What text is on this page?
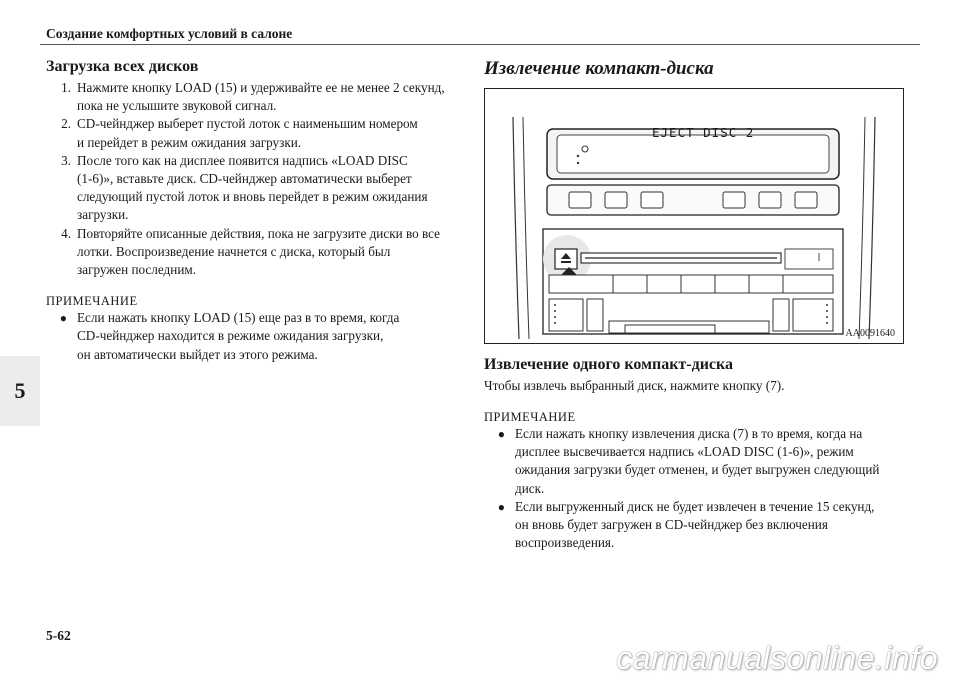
Создание комфортных условий в салоне
5
Загрузка всех дисков
1. Нажмите кнопку LOAD (15) и удерживайте ее не менее 2 секунд,
пока не услышите звуковой сигнал.
2. CD-чейнджер выберет пустой лоток с наименьшим номером
и перейдет в режим ожидания загрузки.
3. После того как на дисплее появится надпись «LOAD DISC
(1-6)», вставьте диск. CD-чейнджер автоматически выберет
следующий пустой лоток и вновь перейдет в режим ожидания
загрузки.
4. Повторяйте описанные действия, пока не загрузите диски во все
лотки. Воспроизведение начнется с диска, который был
загружен последним.
ПРИМЕЧАНИЕ
● Если нажать кнопку LOAD (15) еще раз в то время, когда
CD-чейнджер находится в режиме ожидания загрузки,
он автоматически выйдет из этого режима.
Извлечение компакт-диска
EJECT DISC 2
AA0091640
Извлечение одного компакт-диска
Чтобы извлечь выбранный диск, нажмите кнопку (7).
ПРИМЕЧАНИЕ
● Если нажать кнопку извлечения диска (7) в то время, когда на
дисплее высвечивается надпись «LOAD DISC (1-6)», режим
ожидания загрузки будет отменен, и будет выгружен следующий
диск.
● Если выгруженный диск не будет извлечен в течение 15 секунд,
он вновь будет загружен в CD-чейнджер без включения
воспроизведения.
5-62
carmanualsonline.info
